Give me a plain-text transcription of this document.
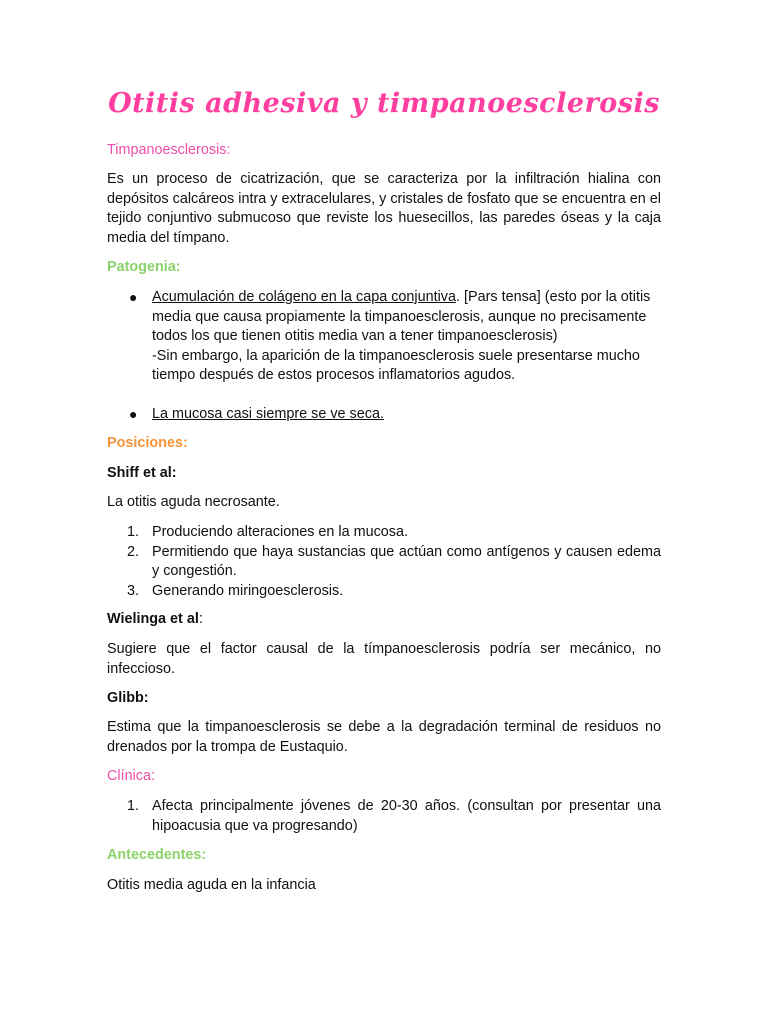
Otitis adhesiva y timpanoesclerosis
Timpanoesclerosis:
Es un proceso de cicatrización, que se caracteriza por la infiltración hialina con depósitos calcáreos intra y extracelulares, y cristales de fosfato que se encuentra en el tejido conjuntivo submucoso que reviste los huesecillos, las paredes óseas y la caja media del tímpano.
Patogenia:
● Acumulación de colágeno en la capa conjuntiva. [Pars tensa] (esto por la otitis media que causa propiamente la timpanoesclerosis, aunque no precisamente todos los que tienen otitis media van a tener timpanoesclerosis)
-Sin embargo, la aparición de la timpanoesclerosis suele presentarse mucho tiempo después de estos procesos inflamatorios agudos.
● La mucosa casi siempre se ve seca.
Posiciones:
Shiff et al:
La otitis aguda necrosante.
1. Produciendo alteraciones en la mucosa.
2. Permitiendo que haya sustancias que actúan como antígenos y causen edema y congestión.
3. Generando miringoesclerosis.
Wielinga et al:
Sugiere que el factor causal de la tímpanoesclerosis podría ser mecánico, no infeccioso.
Glibb:
Estima que la timpanoesclerosis se debe a la degradación terminal de residuos no drenados por la trompa de Eustaquio.
Clínica:
1. Afecta principalmente jóvenes de 20-30 años. (consultan por presentar una hipoacusia que va progresando)
Antecedentes:
Otitis media aguda en la infancia
